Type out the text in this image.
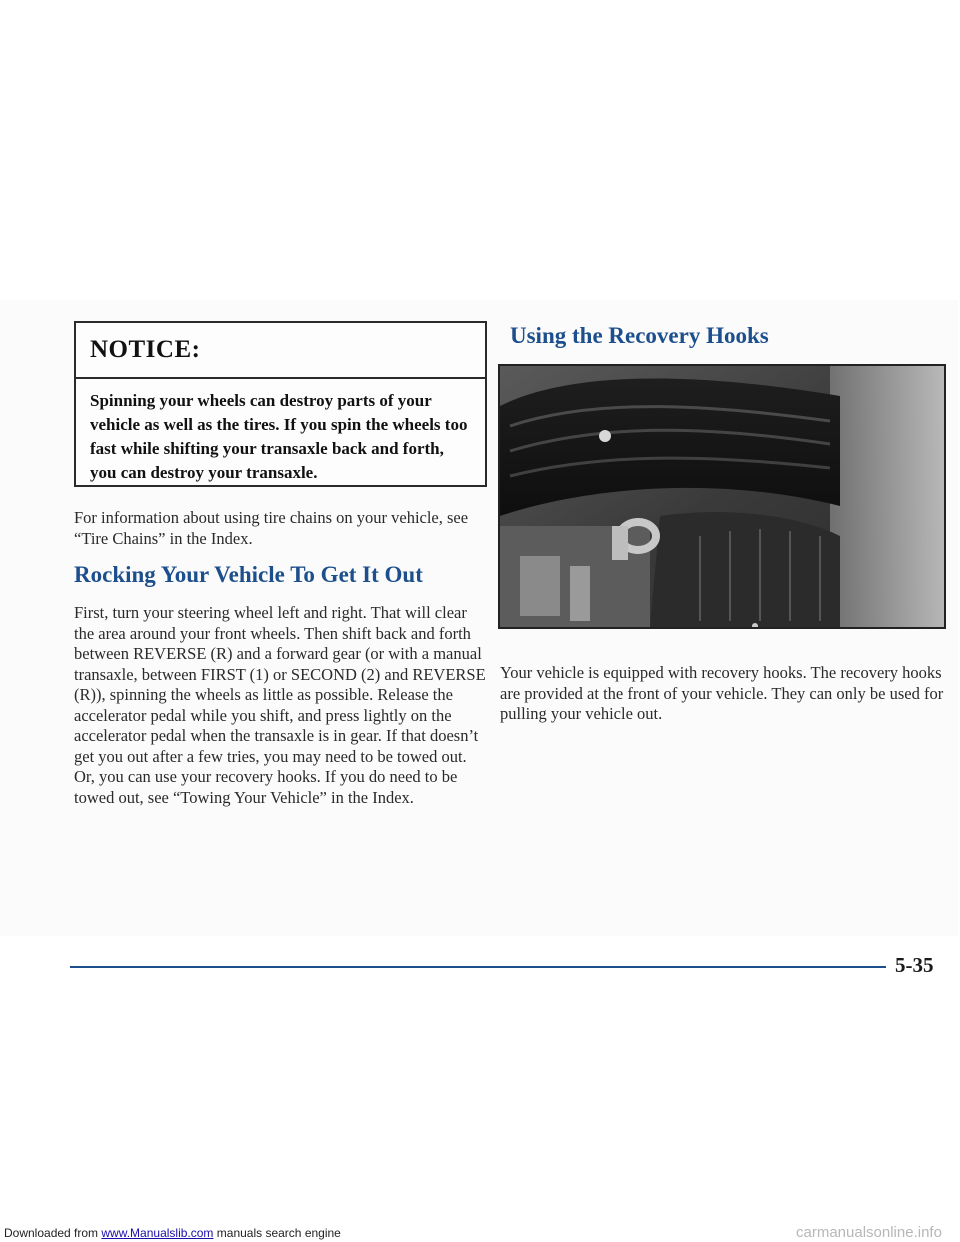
NOTICE:
Spinning your wheels can destroy parts of your vehicle as well as the tires. If you spin the wheels too fast while shifting your transaxle back and forth, you can destroy your transaxle.
For information about using tire chains on your vehicle, see “Tire Chains” in the Index.
Rocking Your Vehicle To Get It Out
First, turn your steering wheel left and right. That will clear the area around your front wheels. Then shift back and forth between REVERSE (R) and a forward gear (or with a manual transaxle, between FIRST (1) or SECOND (2) and REVERSE (R)), spinning the wheels as little as possible. Release the accelerator pedal while you shift, and press lightly on the accelerator pedal when the transaxle is in gear. If that doesn’t get you out after a few tries, you may need to be towed out. Or, you can use your recovery hooks. If you do need to be towed out, see “Towing Your Vehicle” in the Index.
Using the Recovery Hooks
Your vehicle is equipped with recovery hooks. The recovery hooks are provided at the front of your vehicle. They can only be used for pulling your vehicle out.
5-35
Downloaded from www.Manualslib.com manuals search engine	carmanualsonline.info
